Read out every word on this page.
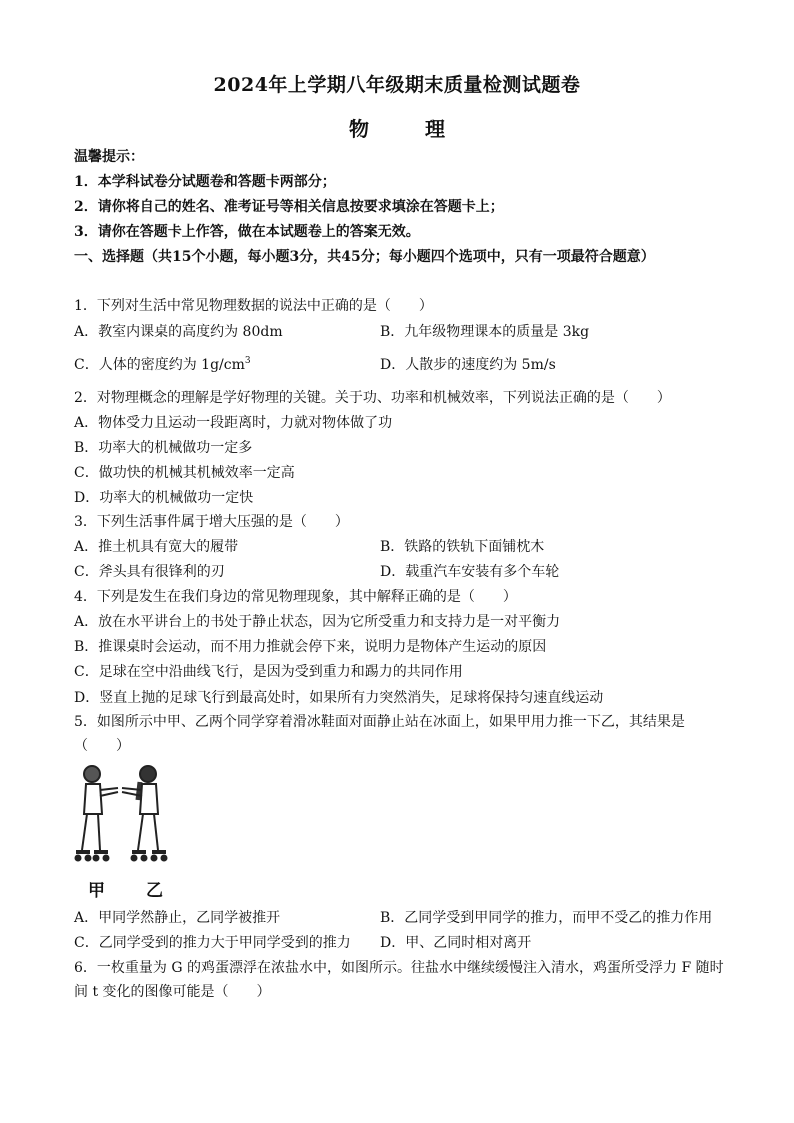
2024年上学期八年级期末质量检测试题卷
物　理
温馨提示：
1．本学科试卷分试题卷和答题卡两部分；
2．请你将自己的姓名、准考证号等相关信息按要求填涂在答题卡上；
3．请你在答题卡上作答，做在本试题卷上的答案无效。
一、选择题（共15个小题，每小题3分，共45分；每小题四个选项中，只有一项最符合题意）
1．下列对生活中常见物理数据的说法中正确的是（　　）
A．教室内课桌的高度约为 80dm	B．九年级物理课本的质量是 3kg
C．人体的密度约为 $1g/cm^3$	D．人散步的速度约为 5m/s
2．对物理概念的理解是学好物理的关键。关于功、功率和机械效率，下列说法正确的是（　　）
A．物体受力且运动一段距离时，力就对物体做了功
B．功率大的机械做功一定多
C．做功快的机械其机械效率一定高
D．功率大的机械做功一定快
3．下列生活事件属于增大压强的是（　　）
A．推土机具有宽大的履带	B．铁路的铁轨下面铺枕木
C．斧头具有很锋利的刃	D．载重汽车安装有多个车轮
4．下列是发生在我们身边的常见物理现象，其中解释正确的是（　　）
A．放在水平讲台上的书处于静止状态，因为它所受重力和支持力是一对平衡力
B．推课桌时会运动，而不用力推就会停下来，说明力是物体产生运动的原因
C．足球在空中沿曲线飞行，是因为受到重力和踢力的共同作用
D．竖直上抛的足球飞行到最高处时，如果所有力突然消失，足球将保持匀速直线运动
5．如图所示中甲、乙两个同学穿着滑冰鞋面对面静止站在冰面上，如果甲用力推一下乙，其结果是（　　）
甲 乙
A．甲同学然静止，乙同学被推开	B．乙同学受到甲同学的推力，而甲不受乙的推力作用
C．乙同学受到的推力大于甲同学受到的推力 D．甲、乙同时相对离开
6．一枚重量为 G 的鸡蛋漂浮在浓盐水中，如图所示。往盐水中继续缓慢注入清水，鸡蛋所受浮力 F 随时间 t 变化的图像可能是（　　）
